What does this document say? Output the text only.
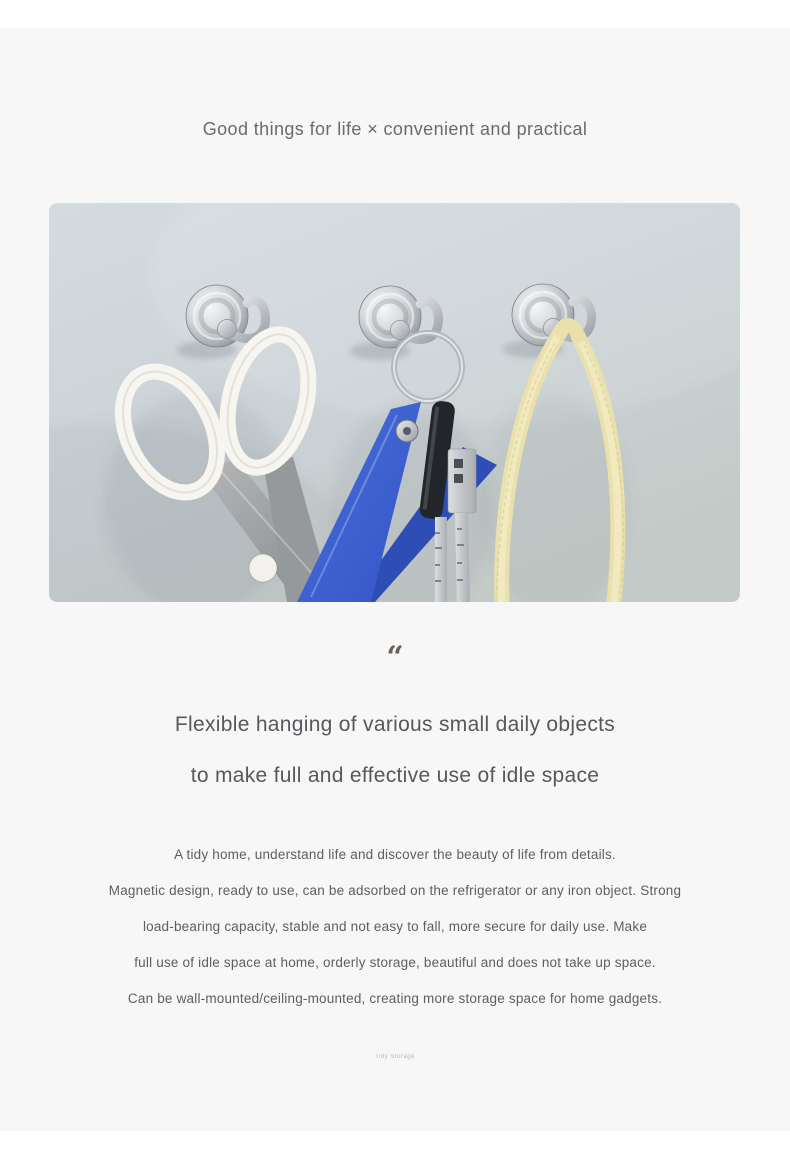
Good things for life × convenient and practical
“
Flexible hanging of various small daily objects
to make full and effective use of idle space
A tidy home, understand life and discover the beauty of life from details.
Magnetic design, ready to use, can be adsorbed on the refrigerator or any iron object. Strong
load-bearing capacity, stable and not easy to fall, more secure for daily use. Make
full use of idle space at home, orderly storage, beautiful and does not take up space.
Can be wall-mounted/ceiling-mounted, creating more storage space for home gadgets.
Tidy Storage
